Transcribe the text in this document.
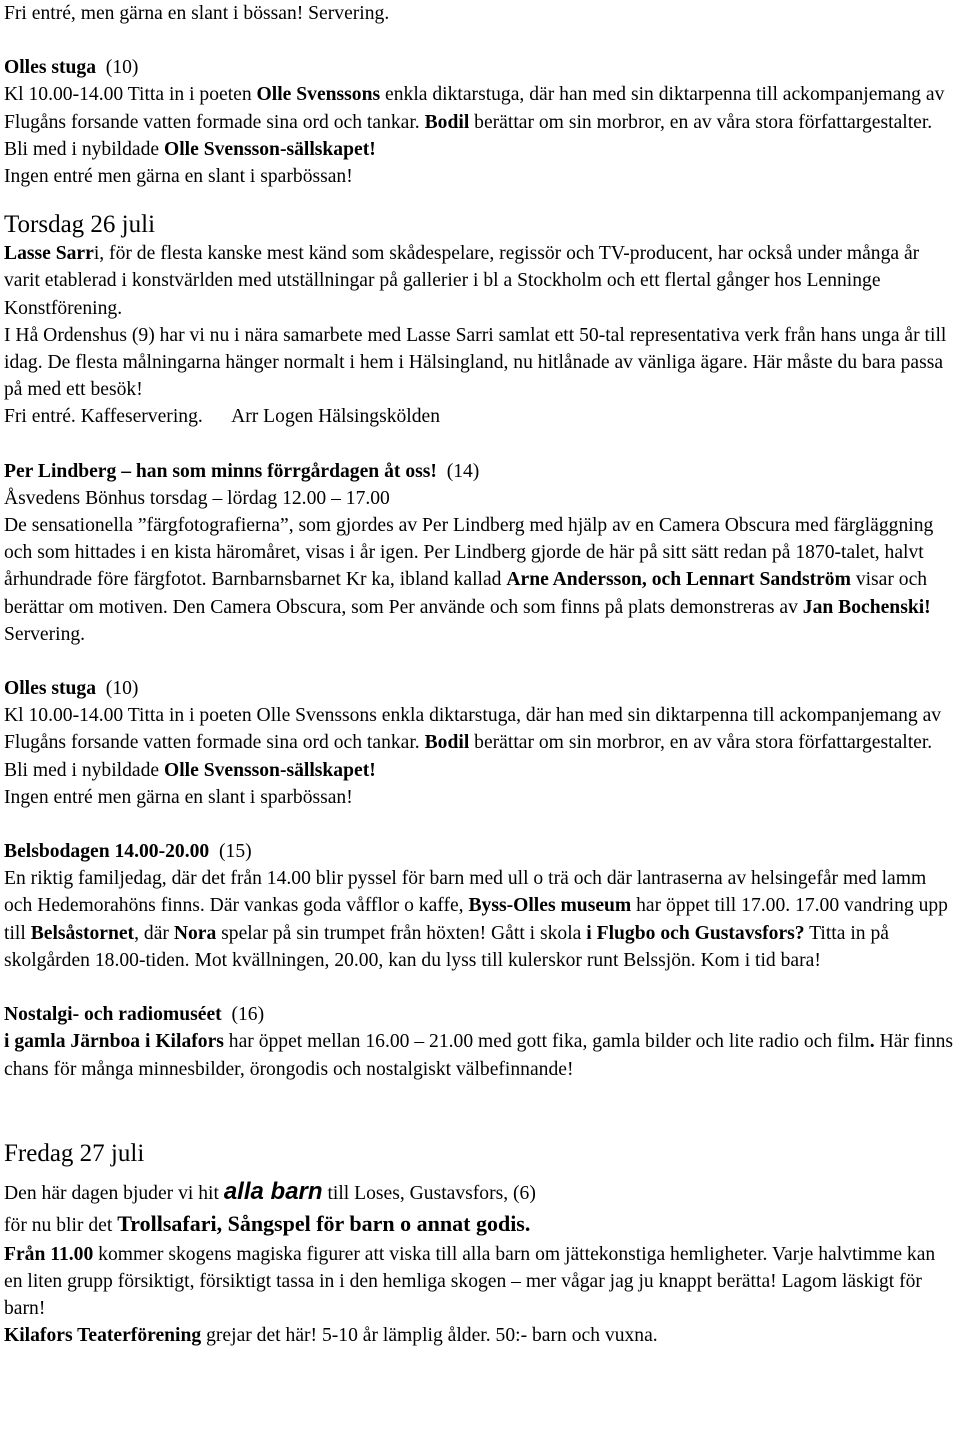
Fri entré, men gärna en slant i bössan! Servering.

Olles stuga (10)

Kl 10.00-14.00 Titta in i poeten Olle Svenssons enkla diktarstuga, där han med sin diktarpenna till ackompanjemang av Flugåns forsande vatten formade sina ord och tankar. Bodil berättar om sin morbror, en av våra stora författargestalter. Bli med i nybildade Olle Svensson-sällskapet!

Ingen entré men gärna en slant i sparbössan!

Torsdag 26 juli

Lasse Sarri, för de flesta kanske mest känd som skådespelare, regissör och TV-producent, har också under många år varit etablerad i konstvärlden med utställningar på gallerier i bl a Stockholm och ett flertal gånger hos Lenninge Konstförening.

I Hå Ordenshus (9) har vi nu i nära samarbete med Lasse Sarri samlat ett 50-tal representativa verk från hans unga år till idag. De flesta målningarna hänger normalt i hem i Hälsingland, nu hitlånade av vänliga ägare. Här måste du bara passa på med ett besök!

Fri entré. Kaffeservering. Arr Logen Hälsingskölden

Per Lindberg – han som minns förrgårdagen åt oss! (14)

Åsvedens Bönhus torsdag – lördag 12.00 – 17.00

De sensationella ”färgfotografierna”, som gjordes av Per Lindberg med hjälp av en Camera Obscura med färgläggning och som hittades i en kista häromåret, visas i år igen. Per Lindberg gjorde de här på sitt sätt redan på 1870-talet, halvt århundrade före färgfotot. Barnbarnsbarnet Kr ka, ibland kallad Arne Andersson, och Lennart Sandström visar och berättar om motiven. Den Camera Obscura, som Per använde och som finns på plats demonstreras av Jan Bochenski!

Servering.

Olles stuga (10)

Kl 10.00-14.00 Titta in i poeten Olle Svenssons enkla diktarstuga, där han med sin diktarpenna till ackompanjemang av Flugåns forsande vatten formade sina ord och tankar. Bodil berättar om sin morbror, en av våra stora författargestalter. Bli med i nybildade Olle Svensson-sällskapet!

Ingen entré men gärna en slant i sparbössan!

Belsbodagen 14.00-20.00 (15)

En riktig familjedag, där det från 14.00 blir pyssel för barn med ull o trä och där lantraserna av helsingefår med lamm och Hedemorahöns finns. Där vankas goda våfflor o kaffe, Byss-Olles museum har öppet till 17.00. 17.00 vandring upp till Belsåstornet, där Nora spelar på sin trumpet från höxten! Gått i skola i Flugbo och Gustavsfors? Titta in på skolgården 18.00-tiden. Mot kvällningen, 20.00, kan du lyss till kulerskor runt Belssjön. Kom i tid bara!

Nostalgi- och radiomuséet (16)

i gamla Järnboa i Kilafors har öppet mellan 16.00 – 21.00 med gott fika, gamla bilder och lite radio och film. Här finns chans för många minnesbilder, örongodis och nostalgiskt välbefinnande!

Fredag 27 juli

Den här dagen bjuder vi hit alla barn till Loses, Gustavsfors, (6)

för nu blir det Trollsafari, Sångspel för barn o annat godis.

Från 11.00 kommer skogens magiska figurer att viska till alla barn om jättekonstiga hemligheter. Varje halvtimme kan en liten grupp försiktigt, försiktigt tassa in i den hemliga skogen – mer vågar jag ju knappt berätta! Lagom läskigt för barn!

Kilafors Teaterförening grejar det här! 5-10 år lämplig ålder. 50:- barn och vuxna.
